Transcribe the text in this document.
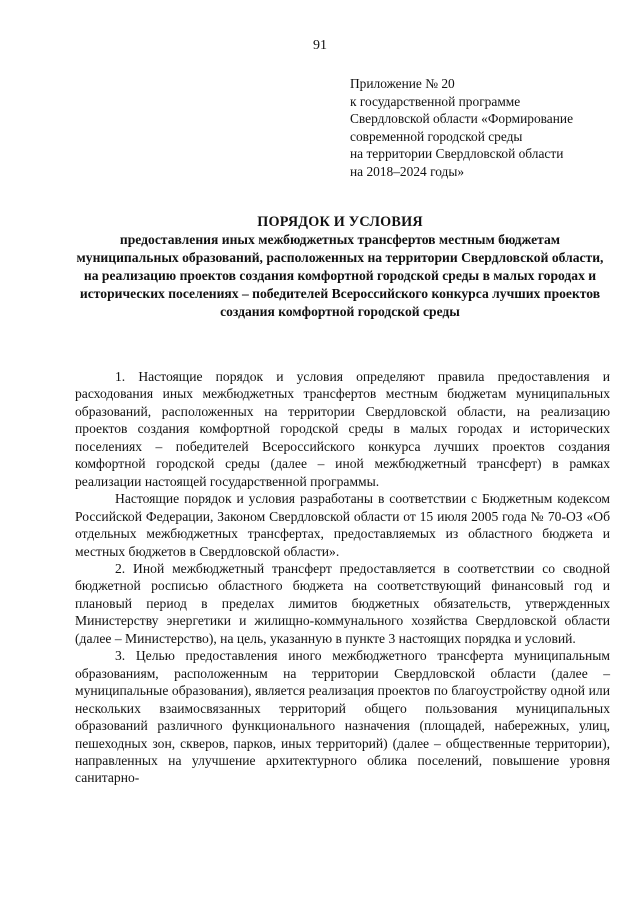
91
Приложение № 20
к государственной программе
Свердловской области «Формирование
современной городской среды
на территории Свердловской области
на 2018–2024 годы»
ПОРЯДОК И УСЛОВИЯ
предоставления иных межбюджетных трансфертов местным бюджетам муниципальных образований, расположенных на территории Свердловской области, на реализацию проектов создания комфортной городской среды в малых городах и исторических поселениях – победителей Всероссийского конкурса лучших проектов создания комфортной городской среды

1. Настоящие порядок и условия определяют правила предоставления и расходования иных межбюджетных трансфертов местным бюджетам муниципальных образований, расположенных на территории Свердловской области, на реализацию проектов создания комфортной городской среды в малых городах и исторических поселениях – победителей Всероссийского конкурса лучших проектов создания комфортной городской среды (далее – иной межбюджетный трансферт) в рамках реализации настоящей государственной программы.

Настоящие порядок и условия разработаны в соответствии с Бюджетным кодексом Российской Федерации, Законом Свердловской области от 15 июля 2005 года № 70-ОЗ «Об отдельных межбюджетных трансфертах, предоставляемых из областного бюджета и местных бюджетов в Свердловской области».

2. Иной межбюджетный трансферт предоставляется в соответствии со сводной бюджетной росписью областного бюджета на соответствующий финансовый год и плановый период в пределах лимитов бюджетных обязательств, утвержденных Министерству энергетики и жилищно-коммунального хозяйства Свердловской области (далее – Министерство), на цель, указанную в пункте 3 настоящих порядка и условий.

3. Целью предоставления иного межбюджетного трансферта муниципальным образованиям, расположенным на территории Свердловской области (далее – муниципальные образования), является реализация проектов по благоустройству одной или нескольких взаимосвязанных территорий общего пользования муниципальных образований различного функционального назначения (площадей, набережных, улиц, пешеходных зон, скверов, парков, иных территорий) (далее – общественные территории), направленных на улучшение архитектурного облика поселений, повышение уровня санитарно-
